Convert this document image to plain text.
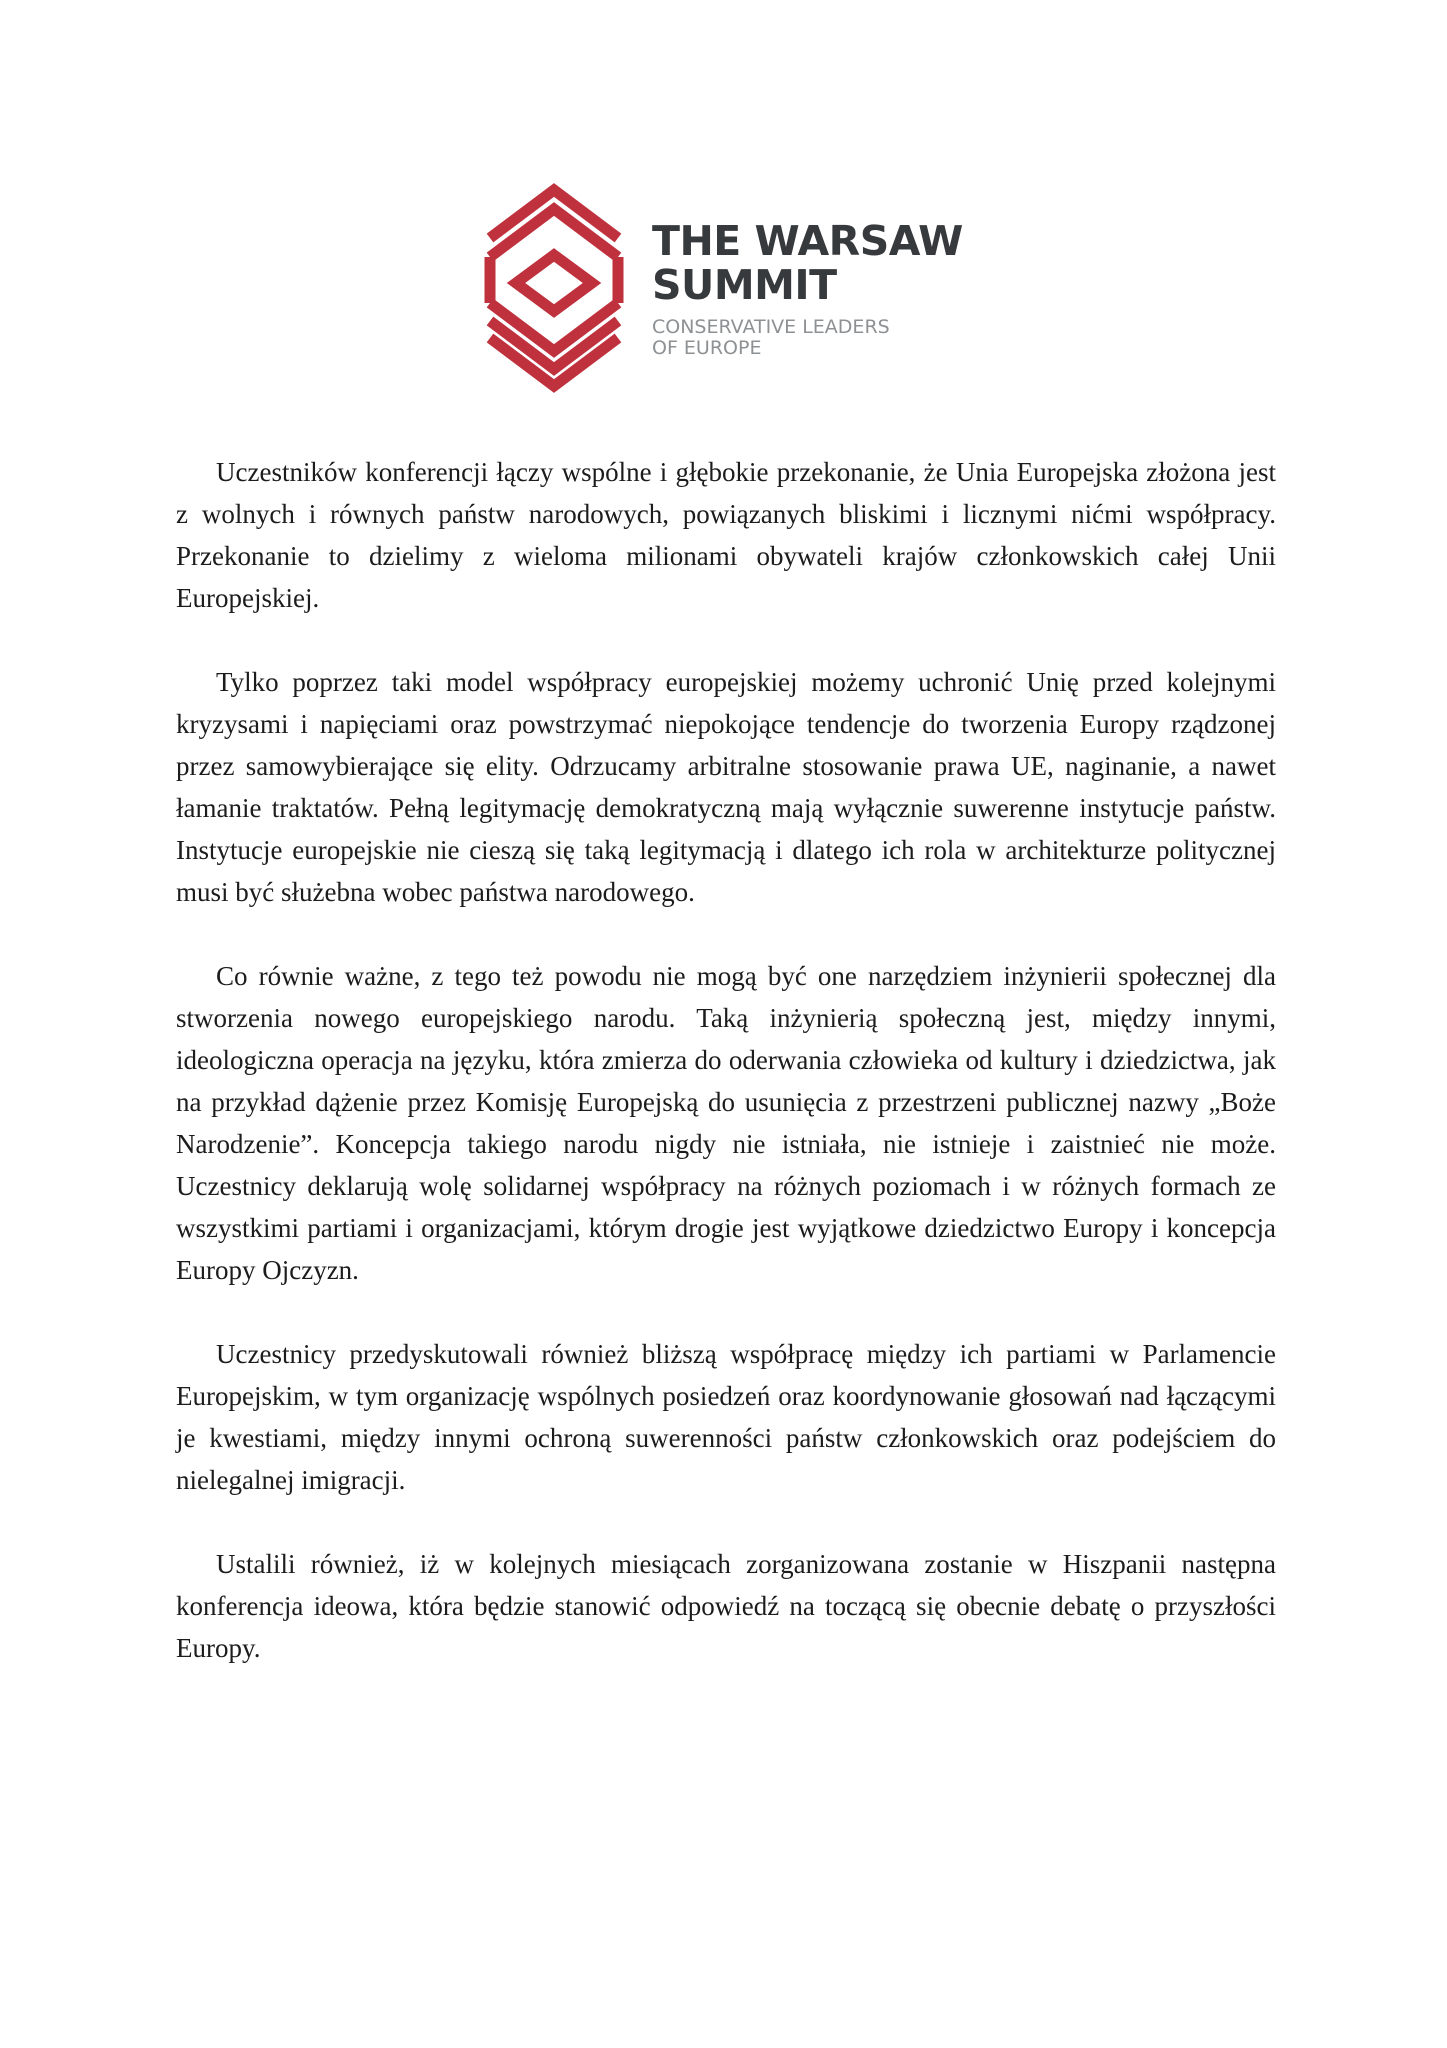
THE WARSAW
SUMMIT

CONSERVATIVE LEADERS
OF EUROPE

Uczestników konferencji łączy wspólne i głębokie przekonanie, że Unia Europejska złożona jest z wolnych i równych państw narodowych, powiązanych bliskimi i licznymi nićmi współpracy. Przekonanie to dzielimy z wieloma milionami obywateli krajów członkowskich całej Unii Europejskiej.

Tylko poprzez taki model współpracy europejskiej możemy uchronić Unię przed kolejnymi kryzysami i napięciami oraz powstrzymać niepokojące tendencje do tworzenia Europy rządzonej przez samowybierające się elity. Odrzucamy arbitralne stosowanie prawa UE, naginanie, a nawet łamanie traktatów. Pełną legitymację demokratyczną mają wyłącznie suwerenne instytucje państw. Instytucje europejskie nie cieszą się taką legitymacją i dlatego ich rola w architekturze politycznej musi być służebna wobec państwa narodowego.

Co równie ważne, z tego też powodu nie mogą być one narzędziem inżynierii społecznej dla stworzenia nowego europejskiego narodu. Taką inżynierią społeczną jest, między innymi, ideologiczna operacja na języku, która zmierza do oderwania człowieka od kultury i dziedzictwa, jak na przykład dążenie przez Komisję Europejską do usunięcia z przestrzeni publicznej nazwy „Boże Narodzenie”. Koncepcja takiego narodu nigdy nie istniała, nie istnieje i zaistnieć nie może. Uczestnicy deklarują wolę solidarnej współpracy na różnych poziomach i w różnych formach ze wszystkimi partiami i organizacjami, którym drogie jest wyjątkowe dziedzictwo Europy i koncepcja Europy Ojczyzn.

Uczestnicy przedyskutowali również bliższą współpracę między ich partiami w Parlamencie Europejskim, w tym organizację wspólnych posiedzeń oraz koordynowanie głosowań nad łączącymi je kwestiami, między innymi ochroną suwerenności państw członkowskich oraz podejściem do nielegalnej imigracji.

Ustalili również, iż w kolejnych miesiącach zorganizowana zostanie w Hiszpanii następna konferencja ideowa, która będzie stanowić odpowiedź na toczącą się obecnie debatę o przyszłości Europy.
